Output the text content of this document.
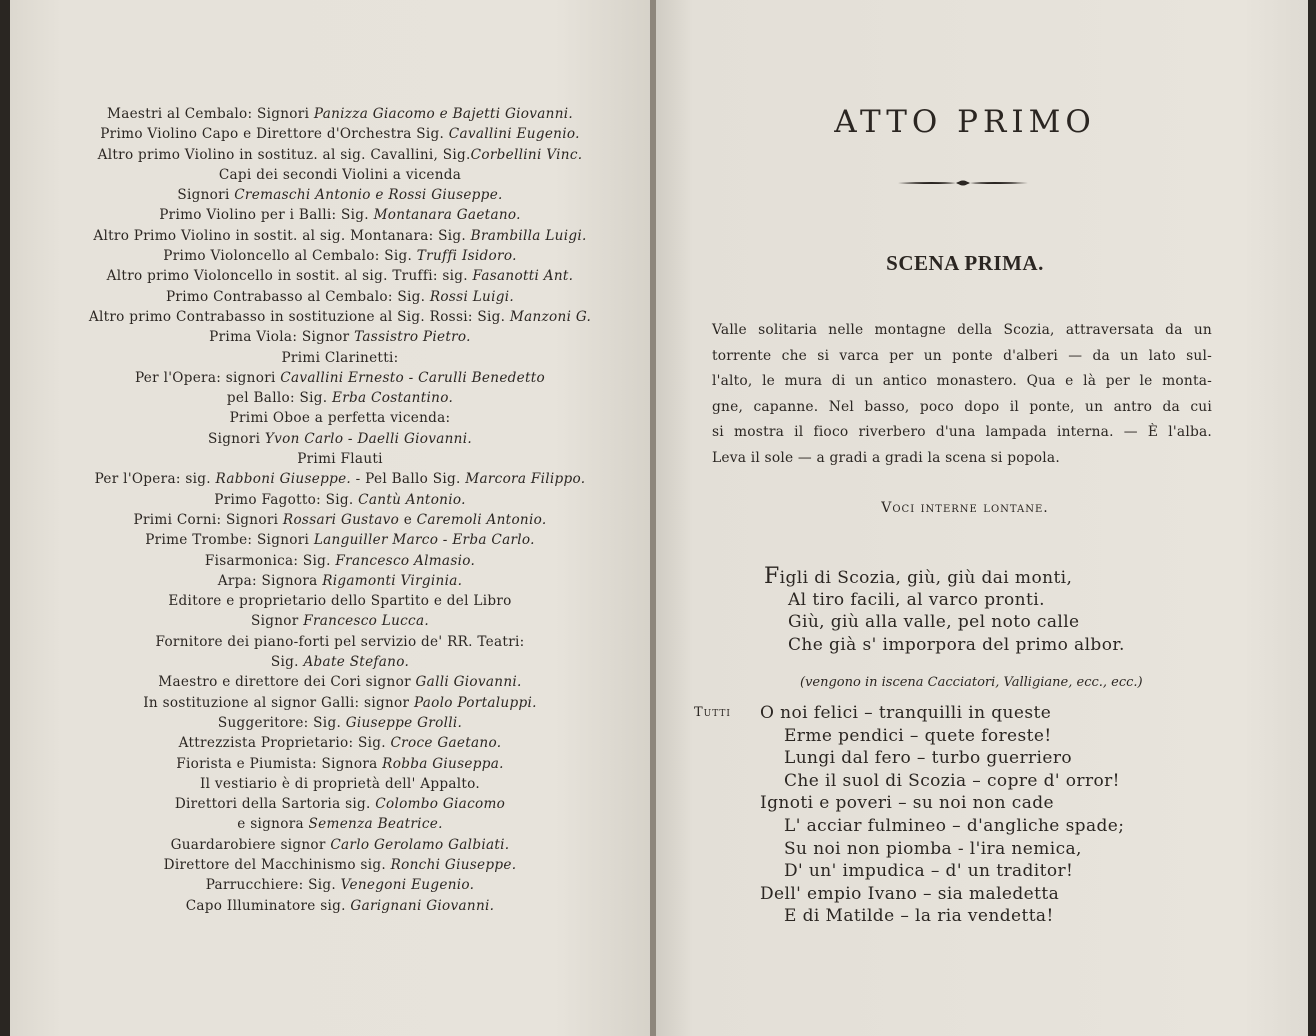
Maestri al Cembalo: Signori Panizza Giacomo e Bajetti Giovanni.
Primo Violino Capo e Direttore d'Orchestra Sig. Cavallini Eugenio.
Altro primo Violino in sostituz. al sig. Cavallini, Sig.Corbellini Vinc.
Capi dei secondi Violini a vicenda
Signori Cremaschi Antonio e Rossi Giuseppe.
Primo Violino per i Balli: Sig. Montanara Gaetano.
Altro Primo Violino in sostit. al sig. Montanara: Sig. Brambilla Luigi.
Primo Violoncello al Cembalo: Sig. Truffi Isidoro.
Altro primo Violoncello in sostit. al sig. Truffi: sig. Fasanotti Ant.
Primo Contrabasso al Cembalo: Sig. Rossi Luigi.
Altro primo Contrabasso in sostituzione al Sig. Rossi: Sig. Manzoni G.
Prima Viola: Signor Tassistro Pietro.
Primi Clarinetti:
Per l'Opera: signori Cavallini Ernesto - Carulli Benedetto
pel Ballo: Sig. Erba Costantino.
Primi Oboe a perfetta vicenda:
Signori Yvon Carlo - Daelli Giovanni.
Primi Flauti
Per l'Opera: sig. Rabboni Giuseppe. - Pel Ballo Sig. Marcora Filippo.
Primo Fagotto: Sig. Cantù Antonio.
Primi Corni: Signori Rossari Gustavo e Caremoli Antonio.
Prime Trombe: Signori Languiller Marco - Erba Carlo.
Fisarmonica: Sig. Francesco Almasio.
Arpa: Signora Rigamonti Virginia.
Editore e proprietario dello Spartito e del Libro
Signor Francesco Lucca.
Fornitore dei piano-forti pel servizio de' RR. Teatri:
Sig. Abate Stefano.
Maestro e direttore dei Cori signor Galli Giovanni.
In sostituzione al signor Galli: signor Paolo Portaluppi.
Suggeritore: Sig. Giuseppe Grolli.
Attrezzista Proprietario: Sig. Croce Gaetano.
Fiorista e Piumista: Signora Robba Giuseppa.
Il vestiario è di proprietà dell' Appalto.
Direttori della Sartoria sig. Colombo Giacomo
e signora Semenza Beatrice.
Guardarobiere signor Carlo Gerolamo Galbiati.
Direttore del Macchinismo sig. Ronchi Giuseppe.
Parrucchiere: Sig. Venegoni Eugenio.
Capo Illuminatore sig. Garignani Giovanni.
ATTO PRIMO
SCENA PRIMA.
Valle solitaria nelle montagne della Scozia, attraversata da un
torrente che si varca per un ponte d'alberi — da un lato sul-
l'alto, le mura di un antico monastero. Qua e là per le monta-
gne, capanne. Nel basso, poco dopo il ponte, un antro da cui
si mostra il fioco riverbero d'una lampada interna. — È l'alba.
Leva il sole — a gradi a gradi la scena si popola.
Voci interne lontane.
Figli di Scozia, giù, giù dai monti,
Al tiro facili, al varco pronti.
Giù, giù alla valle, pel noto calle
Che già s' imporpora del primo albor.
(vengono in iscena Cacciatori, Valligiane, ecc., ecc.)
Tutti O noi felici – tranquilli in queste
Erme pendici – quete foreste!
Lungi dal fero – turbo guerriero
Che il suol di Scozia – copre d' orror!
Ignoti e poveri – su noi non cade
L' acciar fulmineo – d'angliche spade;
Su noi non piomba - l'ira nemica,
D' un' impudica – d' un traditor!
Dell' empio Ivano – sia maledetta
E di Matilde – la ria vendetta!
